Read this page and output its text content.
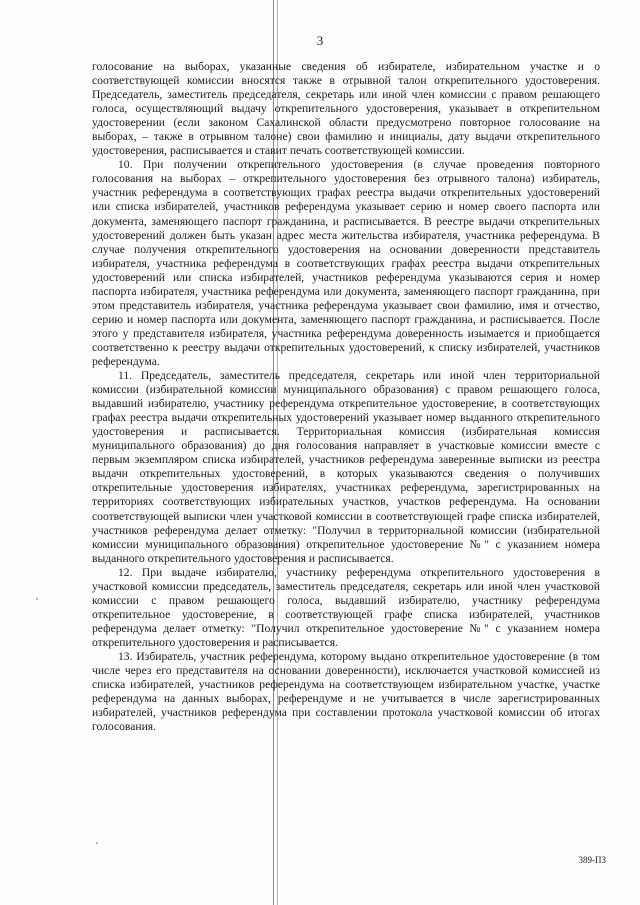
3

голосование на выборах, указанные сведения об избирателе, избирательном участке и о соответствующей комиссии вносятся также в отрывной талон открепительного удостоверения. Председатель, заместитель председателя, секретарь или иной член комиссии с правом решающего голоса, осуществляющий выдачу открепительного удостоверения, указывает в открепительном удостоверении (если законом Сахалинской области предусмотрено повторное голосование на выборах, – также в отрывном талоне) свои фамилию и инициалы, дату выдачи открепительного удостоверения, расписывается и ставит печать соответствующей комиссии.

10. При получении открепительного удостоверения (в случае проведения повторного голосования на выборах – открепительного удостоверения без отрывного талона) избиратель, участник референдума в соответствующих графах реестра выдачи открепительных удостоверений или списка избирателей, участников референдума указывает серию и номер своего паспорта или документа, заменяющего паспорт гражданина, и расписывается. В реестре выдачи открепительных удостоверений должен быть указан адрес места жительства избирателя, участника референдума. В случае получения открепительного удостоверения на основании доверенности представитель избирателя, участника референдума в соответствующих графах реестра выдачи открепительных удостоверений или списка избирателей, участников референдума указываются серия и номер паспорта избирателя, участника референдума или документа, заменяющего паспорт гражданина, при этом представитель избирателя, участника референдума указывает свои фамилию, имя и отчество, серию и номер паспорта или документа, заменяющего паспорт гражданина, и расписывается. После этого у представителя избирателя, участника референдума доверенность изымается и приобщается соответственно к реестру выдачи открепительных удостоверений, к списку избирателей, участников референдума.

11. Председатель, заместитель председателя, секретарь или иной член территориальной комиссии (избирательной комиссии муниципального образования) с правом решающего голоса, выдавший избирателю, участнику референдума открепительное удостоверение, в соответствующих графах реестра выдачи открепительных удостоверений указывает номер выданного открепительного удостоверения и расписывается. Территориальная комиссия (избирательная комиссия муниципального образования) до дня голосования направляет в участковые комиссии вместе с первым экземпляром списка избирателей, участников референдума заверенные выписки из реестра выдачи открепительных удостоверений, в которых указываются сведения о получивших открепительные удостоверения избирателях, участниках референдума, зарегистрированных на территориях соответствующих избирательных участков, участков референдума. На основании соответствующей выписки член участковой комиссии в соответствующей графе списка избирателей, участников референдума делает отметку: "Получил в территориальной комиссии (избирательной комиссии муниципального образования) открепительное удостоверение №" с указанием номера выданного открепительного удостоверения и расписывается.

12. При выдаче избирателю, участнику референдума открепительного удостоверения в участковой комиссии председатель, заместитель председателя, секретарь или иной член участковой комиссии с правом решающего голоса, выдавший избирателю, участнику референдума открепительное удостоверение, в соответствующей графе списка избирателей, участников референдума делает отметку: "Получил открепительное удостоверение №" с указанием номера открепительного удостоверения и расписывается.

13. Избиратель, участник референдума, которому выдано открепительное удостоверение (в том числе через его представителя на основании доверенности), исключается участковой комиссией из списка избирателей, участников референдума на соответствующем избирательном участке, участке референдума на данных выборах, референдуме и не учитывается в числе зарегистрированных избирателей, участников референдума при составлении протокола участковой комиссии об итогах голосования.

389-ПЗ
